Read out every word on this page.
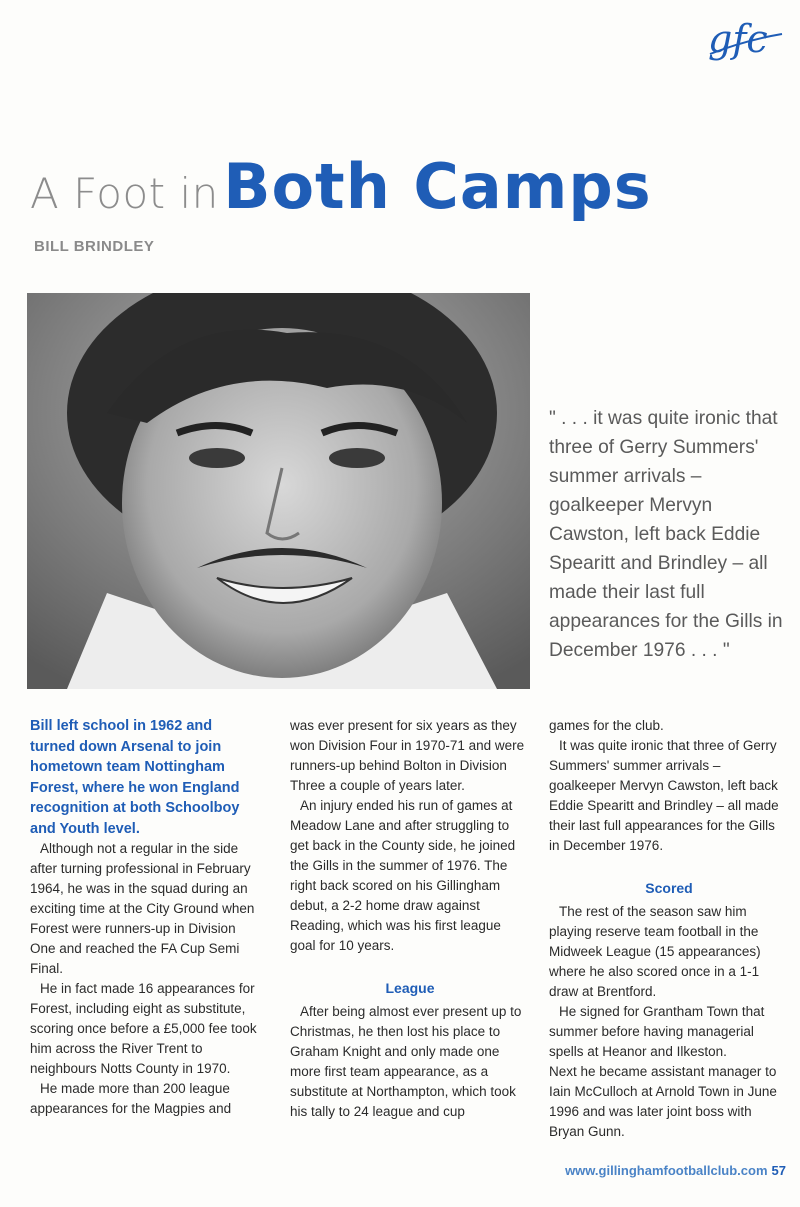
gfc
A Foot in Both Camps
BILL BRINDLEY
" . . . it was quite ironic that three of Gerry Summers' summer arrivals – goalkeeper Mervyn Cawston, left back Eddie Spearitt and Brindley – all made their last full appearances for the Gills in December 1976 . . . "

Bill left school in 1962 and turned down Arsenal to join hometown team Nottingham Forest, where he won England recognition at both Schoolboy and Youth level.

Although not a regular in the side after turning professional in February 1964, he was in the squad during an exciting time at the City Ground when Forest were runners-up in Division One and reached the FA Cup Semi Final.

He in fact made 16 appearances for Forest, including eight as substitute, scoring once before a £5,000 fee took him across the River Trent to neighbours Notts County in 1970.

He made more than 200 league appearances for the Magpies and

was ever present for six years as they won Division Four in 1970-71 and were runners-up behind Bolton in Division Three a couple of years later.

An injury ended his run of games at Meadow Lane and after struggling to get back in the County side, he joined the Gills in the summer of 1976. The right back scored on his Gillingham debut, a 2-2 home draw against Reading, which was his first league goal for 10 years.

League

After being almost ever present up to Christmas, he then lost his place to Graham Knight and only made one more first team appearance, as a substitute at Northampton, which took his tally to 24 league and cup

games for the club.

It was quite ironic that three of Gerry Summers' summer arrivals – goalkeeper Mervyn Cawston, left back Eddie Spearitt and Brindley – all made their last full appearances for the Gills in December 1976.

Scored

The rest of the season saw him playing reserve team football in the Midweek League (15 appearances) where he also scored once in a 1-1 draw at Brentford.

He signed for Grantham Town that summer before having managerial spells at Heanor and Ilkeston.

Next he became assistant manager to Iain McCulloch at Arnold Town in June 1996 and was later joint boss with Bryan Gunn.

www.gillinghamfootballclub.com 57
